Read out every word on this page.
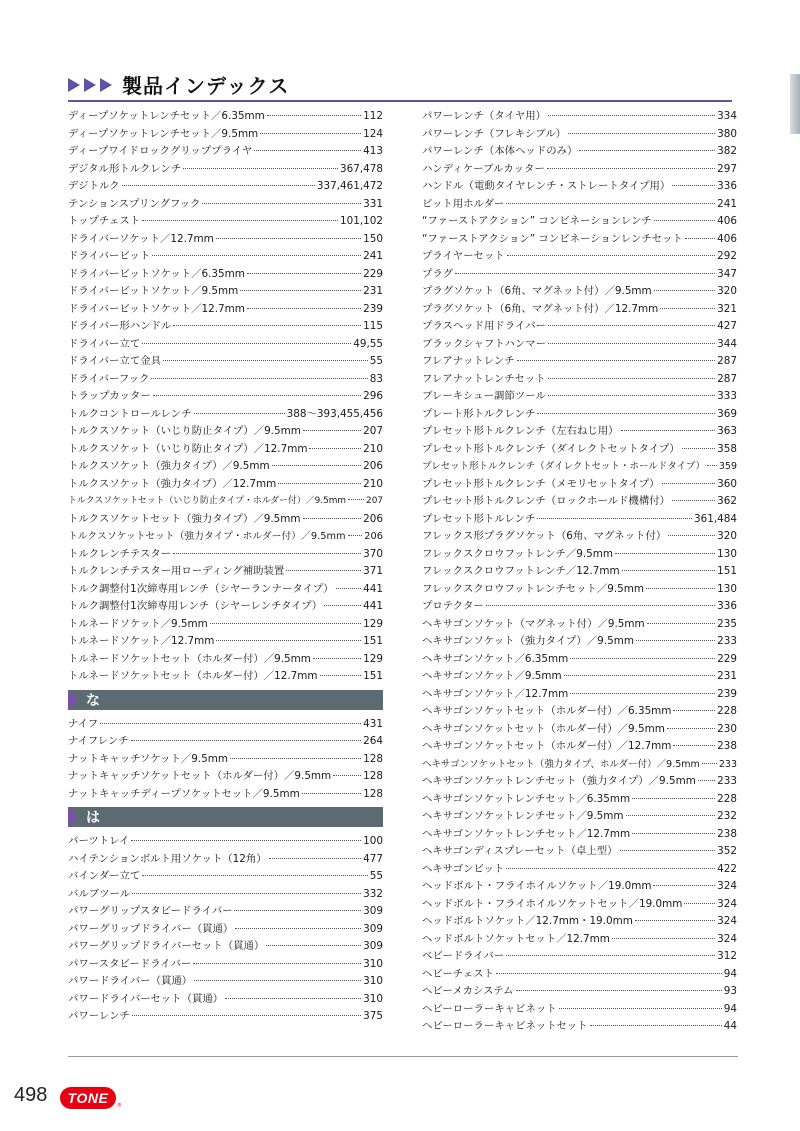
製品インデックス
ディープソケットレンチセット／6.35mm	112
ディープソケットレンチセット／9.5mm	124
ディープワイドロックグリッププライヤ	413
デジタル形トルクレンチ	367,478
デジトルク	337,461,472
テンションスプリングフック	331
トップチェスト	101,102
ドライバーソケット／12.7mm	150
ドライバービット	241
ドライバービットソケット／6.35mm	229
ドライバービットソケット／9.5mm	231
ドライバービットソケット／12.7mm	239
ドライバー形ハンドル	115
ドライバー立て	49,55
ドライバー立て金具	55
ドライバーフック	83
トラップカッター	296
トルクコントロールレンチ	388～393,455,456
トルクスソケット（いじり防止タイプ）／9.5mm	207
トルクスソケット（いじり防止タイプ）／12.7mm	210
トルクスソケット（強力タイプ）／9.5mm	206
トルクスソケット（強力タイプ）／12.7mm	210
トルクスソケットセット（いじり防止タイプ・ホルダー付）／9.5mm 207
トルクスソケットセット（強力タイプ）／9.5mm	206
トルクスソケットセット（強力タイプ・ホルダー付）／9.5mm 206
トルクレンチテスター	370
トルクレンチテスター用ローディング補助装置	371
トルク調整付1次締専用レンチ（シヤーランナータイプ）	441
トルク調整付1次締専用レンチ（シヤーレンチタイプ）	441
トルネードソケット／9.5mm	129
トルネードソケット／12.7mm	151
トルネードソケットセット（ホルダー付）／9.5mm	129
トルネードソケットセット（ホルダー付）／12.7mm	151
な
ナイフ	431
ナイフレンチ	264
ナットキャッチソケット／9.5mm	128
ナットキャッチソケットセット（ホルダー付）／9.5mm	128
ナットキャッチディープソケットセット／9.5mm	128
は
パーツトレイ	100
ハイテンションボルト用ソケット（12角）	477
バインダー立て	55
バルブツール	332
パワーグリップスタビードライバー	309
パワーグリップドライバー（貫通）	309
パワーグリップドライバーセット（貫通）	309
パワースタビードライバー	310
パワードライバー（貫通）	310
パワードライバーセット（貫通）	310
パワーレンチ	375
パワーレンチ（タイヤ用）	334
パワーレンチ（フレキシブル）	380
パワーレンチ（本体ヘッドのみ）	382
ハンディケーブルカッター	297
ハンドル（電動タイヤレンチ・ストレートタイプ用）	336
ビット用ホルダー	241
“ファーストアクション” コンビネーションレンチ	406
“ファーストアクション” コンビネーションレンチセット	406
プライヤーセット	292
プラグ	347
プラグソケット（6角、マグネット付）／9.5mm	320
プラグソケット（6角、マグネット付）／12.7mm	321
プラスヘッド用ドライバー	427
ブラックシャフトハンマー	344
フレアナットレンチ	287
フレアナットレンチセット	287
ブレーキシュー調節ツール	333
プレート形トルクレンチ	369
プレセット形トルクレンチ（左右ねじ用）	363
プレセット形トルクレンチ（ダイレクトセットタイプ）	358
プレセット形トルクレンチ（ダイレクトセット・ホールドタイプ） 359
プレセット形トルクレンチ（メモリセットタイプ）	360
プレセット形トルクレンチ（ロックホールド機構付）	362
プレセット形トルレンチ	361,484
フレックス形プラグソケット（6角、マグネット付）	320
フレックスクロウフットレンチ／9.5mm	130
フレックスクロウフットレンチ／12.7mm	151
フレックスクロウフットレンチセット／9.5mm	130
プロテクター	336
ヘキサゴンソケット（マグネット付）／9.5mm	235
ヘキサゴンソケット（強力タイプ）／9.5mm	233
ヘキサゴンソケット／6.35mm	229
ヘキサゴンソケット／9.5mm	231
ヘキサゴンソケット／12.7mm	239
ヘキサゴンソケットセット（ホルダー付）／6.35mm	228
ヘキサゴンソケットセット（ホルダー付）／9.5mm	230
ヘキサゴンソケットセット（ホルダー付）／12.7mm	238
ヘキサゴンソケットセット（強力タイプ、ホルダー付）／9.5mm 233
ヘキサゴンソケットレンチセット（強力タイプ）／9.5mm 233
ヘキサゴンソケットレンチセット／6.35mm	228
ヘキサゴンソケットレンチセット／9.5mm	232
ヘキサゴンソケットレンチセット／12.7mm	238
ヘキサゴンディスプレーセット（卓上型）	352
ヘキサゴンビット	422
ヘッドボルト・フライホイルソケット／19.0mm	324
ヘッドボルト・フライホイルソケットセット／19.0mm	324
ヘッドボルトソケット／12.7mm・19.0mm	324
ヘッドボルトソケットセット／12.7mm	324
ベビードライバー	312
ヘビーチェスト	94
ヘビーメカシステム	93
ヘビーローラーキャビネット	94
ヘビーローラーキャビネットセット	44
498 TONE ®
